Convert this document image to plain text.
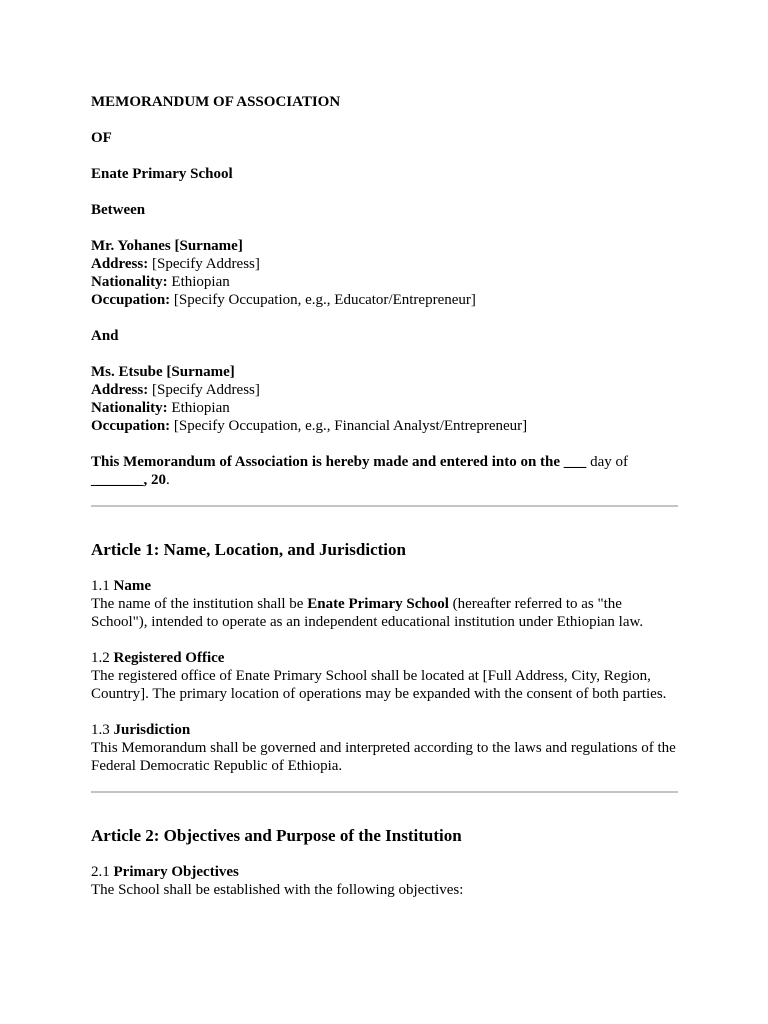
MEMORANDUM OF ASSOCIATION

OF

Enate Primary School

Between

Mr. Yohanes [Surname]

Address: [Specify Address]

Nationality: Ethiopian

Occupation: [Specify Occupation, e.g., Educator/Entrepreneur]

And

Ms. Etsube [Surname]

Address: [Specify Address]

Nationality: Ethiopian

Occupation: [Specify Occupation, e.g., Financial Analyst/Entrepreneur]

This Memorandum of Association is hereby made and entered into on the ___ day of
_______, 20.

Article 1: Name, Location, and Jurisdiction

1.1 Name

The name of the institution shall be Enate Primary School (hereafter referred to as "the School"), intended to operate as an independent educational institution under Ethiopian law.

1.2 Registered Office

The registered office of Enate Primary School shall be located at [Full Address, City, Region, Country]. The primary location of operations may be expanded with the consent of both parties.

1.3 Jurisdiction

This Memorandum shall be governed and interpreted according to the laws and regulations of the Federal Democratic Republic of Ethiopia.

Article 2: Objectives and Purpose of the Institution

2.1 Primary Objectives

The School shall be established with the following objectives:
